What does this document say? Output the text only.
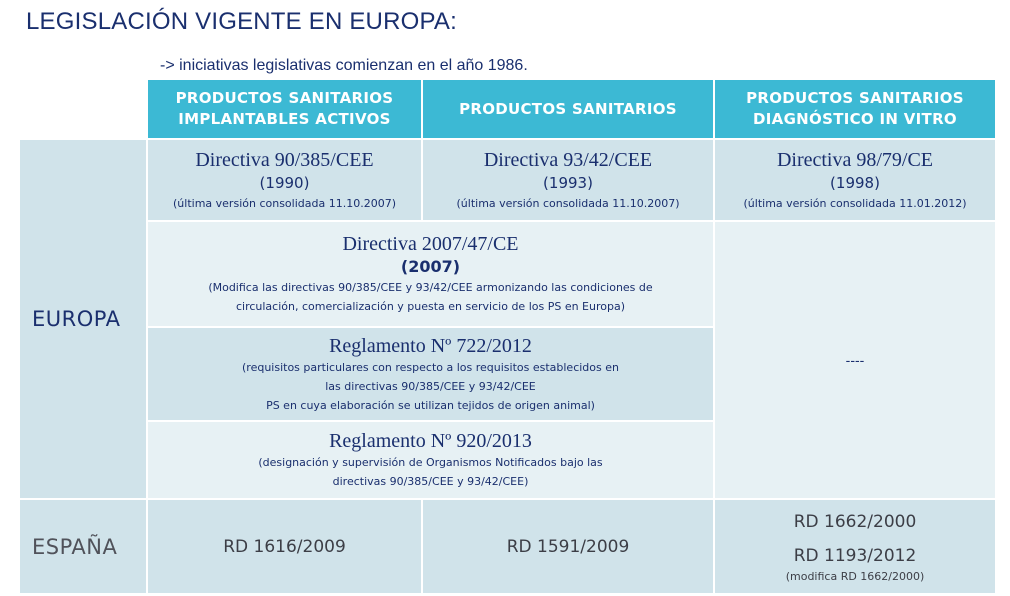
LEGISLACIÓN VIGENTE EN EUROPA:
-> iniciativas legislativas comienzan en el año 1986.
PRODUCTOS SANITARIOS IMPLANTABLES ACTIVOS
PRODUCTOS SANITARIOS
PRODUCTOS SANITARIOS DIAGNÓSTICO IN VITRO
EUROPA
Directiva 90/385/CEE
(1990)
(última versión consolidada 11.10.2007)
Directiva 93/42/CEE
(1993)
(última versión consolidada 11.10.2007)
Directiva 98/79/CE
(1998)
(última versión consolidada 11.01.2012)
Directiva 2007/47/CE
(2007)
(Modifica las directivas 90/385/CEE y 93/42/CEE armonizando las condiciones de
circulación, comercialización y puesta en servicio de los PS en Europa)
----
Reglamento Nº 722/2012
(requisitos particulares con respecto a los requisitos establecidos en
las directivas 90/385/CEE y 93/42/CEE
PS en cuya elaboración se utilizan tejidos de origen animal)
Reglamento Nº 920/2013
(designación y supervisión de Organismos Notificados bajo las
directivas 90/385/CEE y 93/42/CEE)
ESPAÑA	RD 1616/2009	RD 1591/2009
RD 1662/2000
RD 1193/2012
(modifica RD 1662/2000)
